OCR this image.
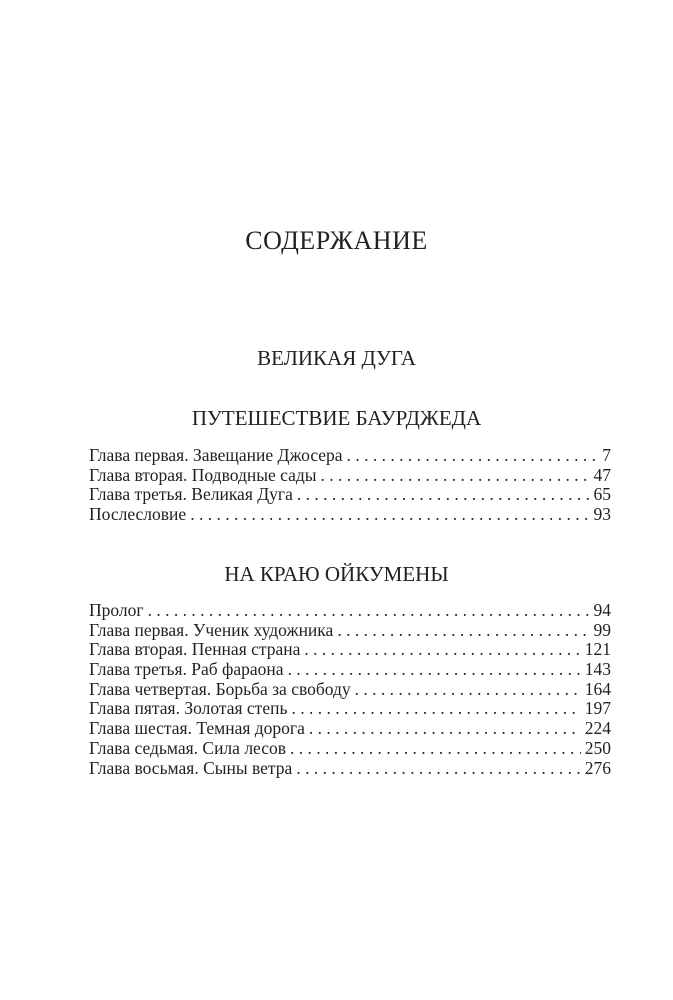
СОДЕРЖАНИЕ
ВЕЛИКАЯ ДУГА
ПУТЕШЕСТВИЕ БАУРДЖЕДА
Глава первая. Завещание Джосера . . .	7
Глава вторая. Подводные сады . . .	47
Глава третья. Великая Дуга . . .	65
Послесловие . . .	93
НА КРАЮ ОЙКУМЕНЫ
Пролог . . .	94
Глава первая. Ученик художника . . .	99
Глава вторая. Пенная страна . . .	121
Глава третья. Раб фараона . . .	143
Глава четвертая. Борьба за свободу . . .	164
Глава пятая. Золотая степь . . .	197
Глава шестая. Темная дорога . . .	224
Глава седьмая. Сила лесов . . .	250
Глава восьмая. Сыны ветра . . .	276
